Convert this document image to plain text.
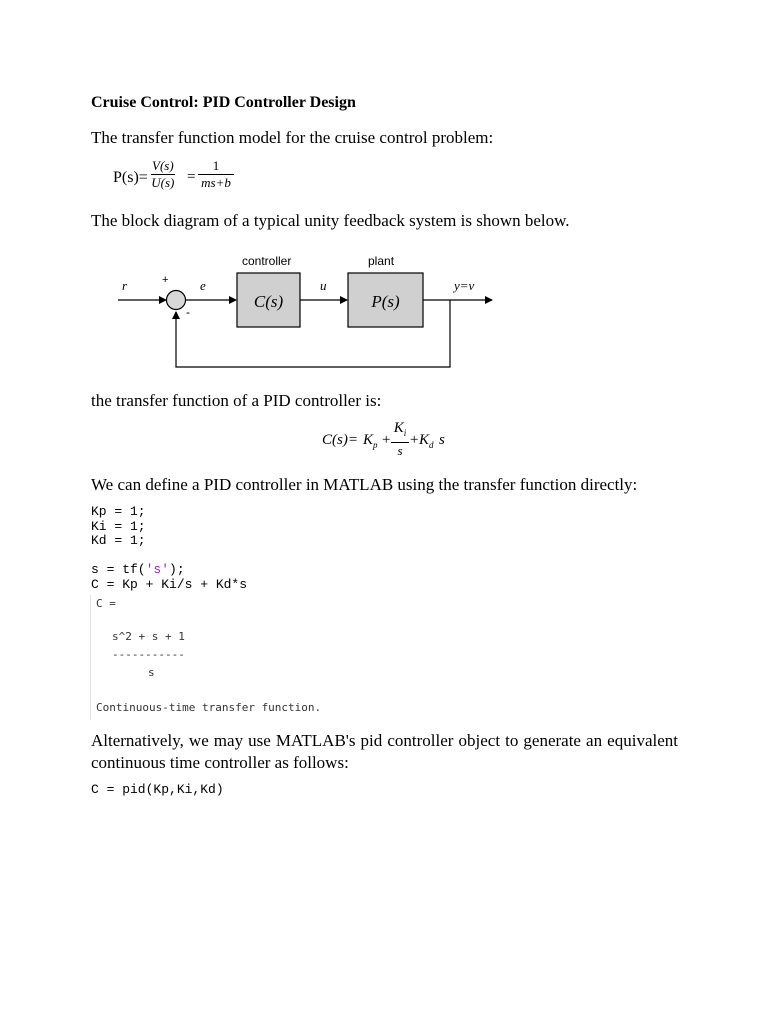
Cruise Control: PID Controller Design
The transfer function model for the cruise control problem:
$P(s)= \frac{V(s)}{U(s)} = \frac{1}{ms+b}$
The block diagram of a typical unity feedback system is shown below.
controller	plant
r	+
-
e	u	y=v
C(s)	P(s)
the transfer function of a PID controller is:
$C(s)= K_p + \frac{K_i}{s} + K_d$ s
We can define a PID controller in MATLAB using the transfer function directly:
Kp = 1;
Ki = 1;
Kd = 1;
s = tf('s');
C = Kp + Ki/s + Kd*s
C =
s^2 + s + 1
-----------
s
Continuous-time transfer function.
Alternatively, we may use MATLAB's pid controller object to generate an equivalent continuous time controller as follows:
C = pid(Kp,Ki,Kd)
